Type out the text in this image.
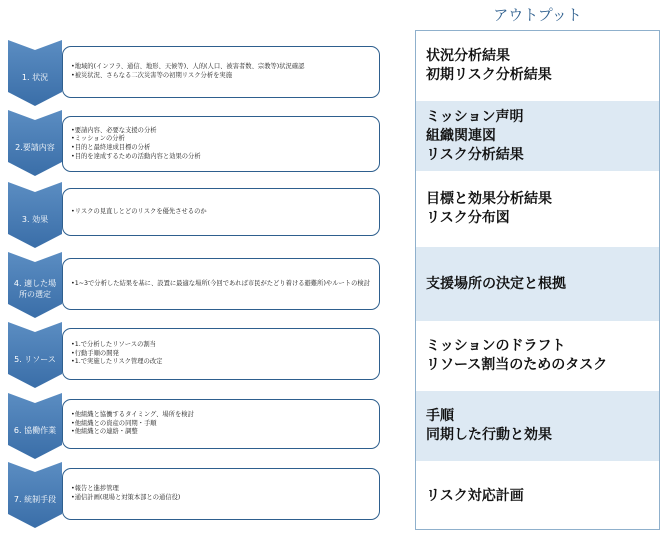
1. 状況
•地域的(インフラ、通信、地形、天候等)、人的(人口、被害者数、宗教等)状況確認
•被災状況、さらなる二次災害等の初期リスク分析を実施
2.要請内容
•要請内容、必要な支援の分析
•ミッションの分析
•目的と最終達成目標の分析
•目的を達成するための活動内容と効果の分析
3. 効果
•リスクの見直しとどのリスクを優先させるのか
4. 適した場
所の選定
•1~3で分析した結果を基に、設置に最適な場所(今回であれば市民がたどり着ける避難所)やルートの検討
5. リソース
•1.で分析したリソースの割当
•行動手順の開発
•1.で実施したリスク管理の改定
6. 協働作業
•他組織と協働するタイミング、場所を検討
•他組織との資産の同期・手順
•他組織との連絡・調整
7. 統制手段
•報告と進捗管理
•通信計画(現場と対策本部との通信役)
アウトプット
状況分析結果
初期リスク分析結果
ミッション声明
組織関連図
リスク分析結果
目標と効果分析結果
リスク分布図
支援場所の決定と根拠
ミッションのドラフト
リソース割当のためのタスク
手順
同期した行動と効果
リスク対応計画
